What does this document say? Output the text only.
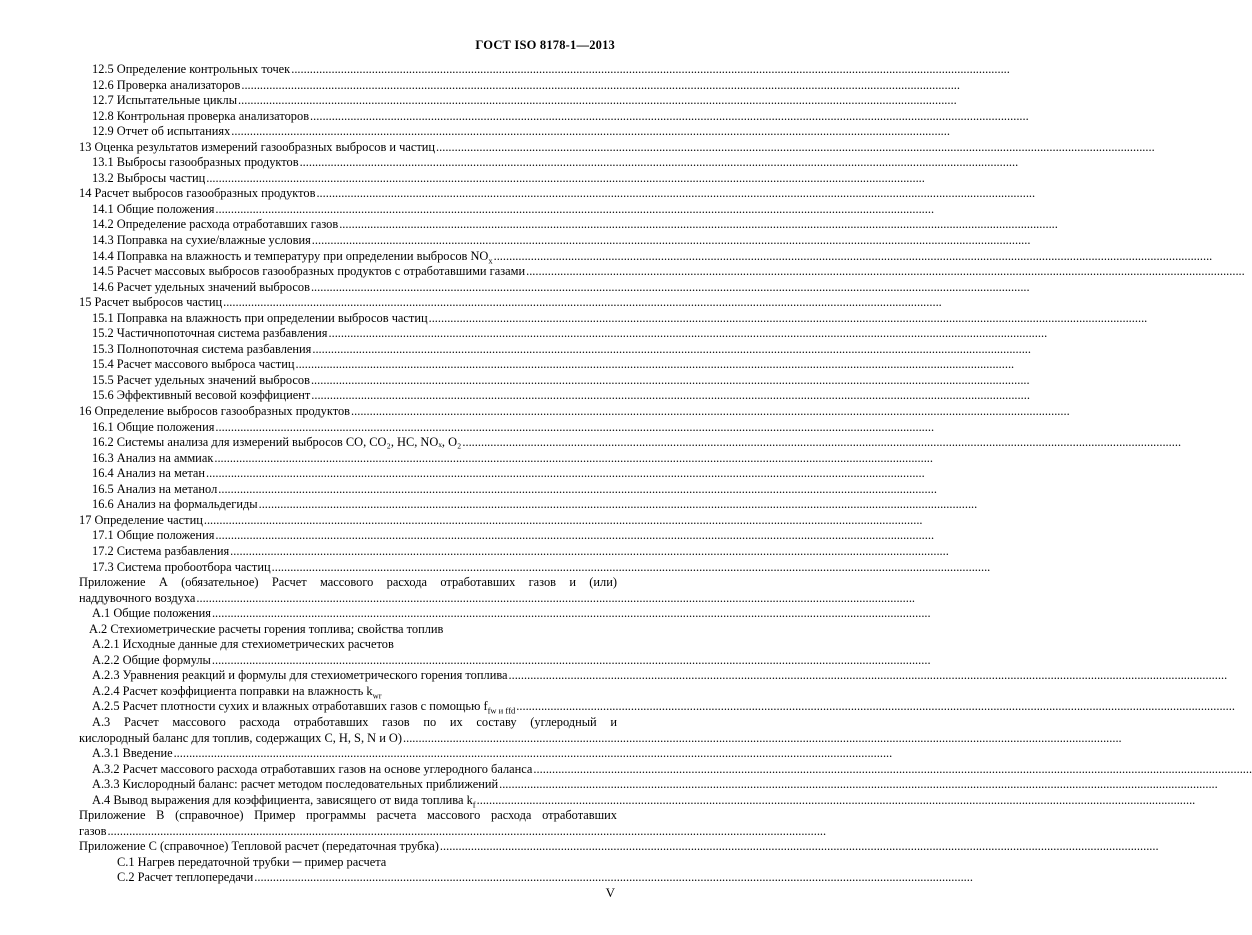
ГОСТ ISO 8178-1—2013
12.5 Определение контрольных точек
.....
12.6 Проверка анализаторов
.....
12.7 Испытательные циклы
.....
12.8 Контрольная проверка анализаторов
.....
12.9 Отчет об испытаниях
.....
13 Оценка результатов измерений газообразных выбросов и частиц
.....
13.1 Выбросы газообразных продуктов
.....
13.2 Выбросы частиц
.....
14 Расчет выбросов газообразных продуктов
.....
14.1 Общие положения
.....
14.2 Определение расхода отработавших газов
.....
14.3 Поправка на сухие/влажные условия
.....
14.4 Поправка на влажность и температуру при определении выбросов $NO_x$
.....
14.5 Расчет массовых выбросов газообразных продуктов с отработавшими газами
.....
14.6 Расчет удельных значений выбросов
.....
15 Расчет выбросов частиц
.....
15.1 Поправка на влажность при определении выбросов частиц
.....
15.2 Частичнопоточная система разбавления
.....
15.3 Полнопоточная система разбавления
.....
15.4 Расчет массового выброса частиц
.....
15.5 Расчет удельных значений выбросов
.....
15.6 Эффективный весовой коэффициент
.....
16 Определение выбросов газообразных продуктов
.....
16.1 Общие положения
.....
16.2 Системы анализа для измерений выбросов CO, CO₂, HC, NOₓ, O₂
.....
16.3 Анализ на аммиак
.....
16.4 Анализ на метан
.....
16.5 Анализ на метанол
.....
16.6 Анализ на формальдегиды
.....
17 Определение частиц
.....
17.1 Общие положения
.....
17.2 Система разбавления
.....
17.3 Система пробоотбора частиц
.....
Приложение А (обязательное) Расчет массового расхода отработавших газов и (или)
наддувочного воздуха
.....
А.1 Общие положения
.....
А.2 Стехиометрические расчеты горения топлива; свойства топлив
А.2.1 Исходные данные для стехиометрических расчетов
А.2.2 Общие формулы
.....
А.2.3 Уравнения реакций и формулы для стехиометрического горения топлива
.....
А.2.4 Расчет коэффициента поправки на влажность $k_{wr}$
А.2.5 Расчет плотности сухих и влажных отработавших газов с помощью $f_{fw и ffd}$
.....
А.3 Расчет массового расхода отработавших газов по их составу (углеродный и
кислородный баланс для топлив, содержащих C, H, S, N и O)
.....
А.3.1 Введение
.....
А.3.2 Расчет массового расхода отработавших газов на основе углеродного баланса
.....
А.3.3 Кислородный баланс: расчет методом последовательных приближений
.....
А.4 Вывод выражения для коэффициента, зависящего от вида топлива $k_f$
.....
Приложение В (справочное) Пример программы расчета массового расхода отработавших
газов
.....
Приложение С (справочное) Тепловой расчет (передаточная трубка)
.....
С.1 Нагрев передаточной трубки ─ пример расчета
С.2 Расчет теплопередачи
.....
V
